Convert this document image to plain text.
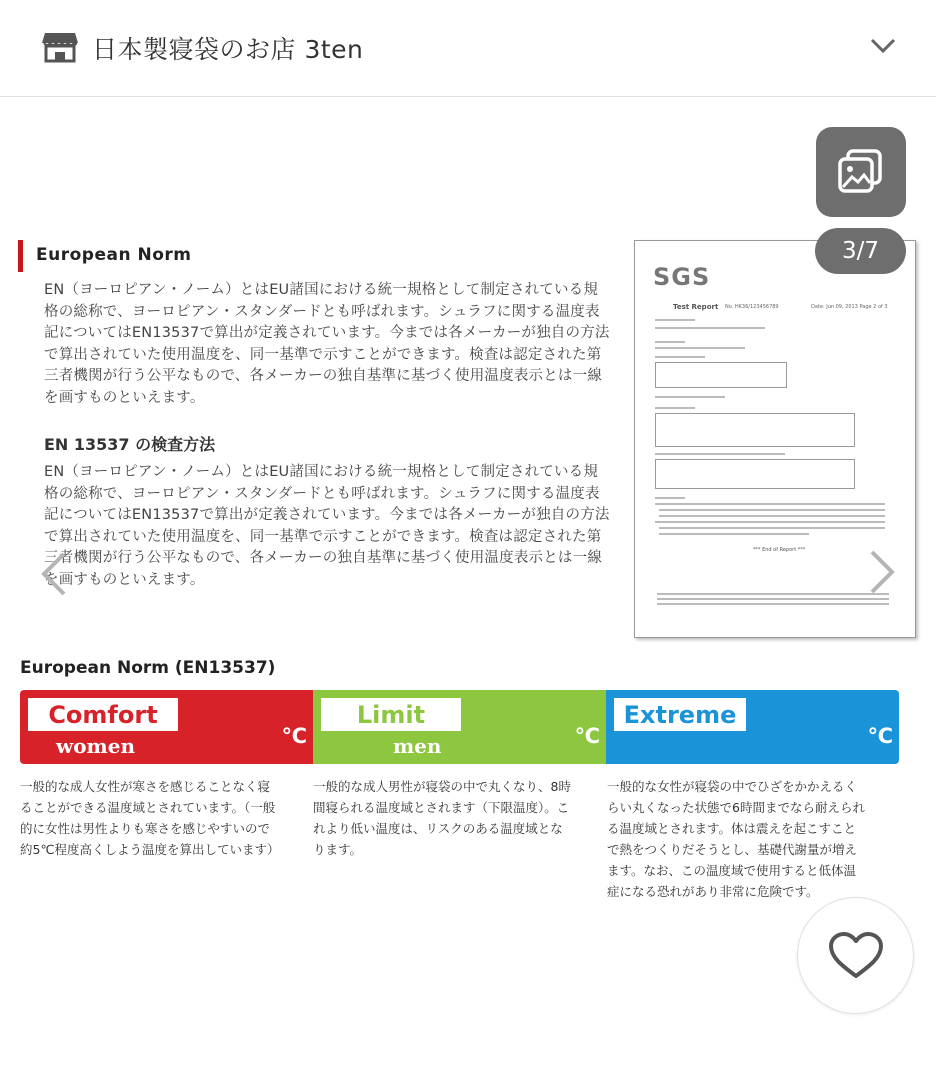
日本製寝袋のお店 3ten
European Norm

EN（ヨーロピアン・ノーム）とはEU諸国における統一規格として制定されている規格の総称で、ヨーロピアン・スタンダードとも呼ばれます。シュラフに関する温度表記についてはEN13537で算出が定義されています。今までは各メーカーが独自の方法で算出されていた使用温度を、同一基準で示すことができます。検査は認定された第三者機関が行う公平なもので、各メーカーの独自基準に基づく使用温度表示とは一線を画すものといえます。

EN 13537 の検査方法

EN（ヨーロピアン・ノーム）とはEU諸国における統一規格として制定されている規格の総称で、ヨーロピアン・スタンダードとも呼ばれます。シュラフに関する温度表記についてはEN13537で算出が定義されています。今までは各メーカーが独自の方法で算出されていた使用温度を、同一基準で示すことができます。検査は認定された第三者機関が行う公平なもので、各メーカーの独自基準に基づく使用温度表示とは一線を画すものといえます。

SGS
Test Report No. HK36/123456789	Date: Jun 09, 2013 Page 2 of 3
*** End of Report ***
European Norm (EN13537)
Comfort
women	℃
Limit
men	℃
Extreme
℃

一般的な成人女性が寒さを感じることなく寝ることができる温度域とされています。（一般的に女性は男性よりも寒さを感じやすいので約5℃程度高くしよう温度を算出しています）

一般的な成人男性が寝袋の中で丸くなり、8時間寝られる温度域とされます（下限温度）。これより低い温度は、リスクのある温度域となります。

一般的な女性が寝袋の中でひざをかかえるくらい丸くなった状態で6時間までなら耐えられる温度域とされます。体は震えを起こすことで熱をつくりだそうとし、基礎代謝量が増えます。なお、この温度域で使用すると低体温症になる恐れがあり非常に危険です。

3/7
